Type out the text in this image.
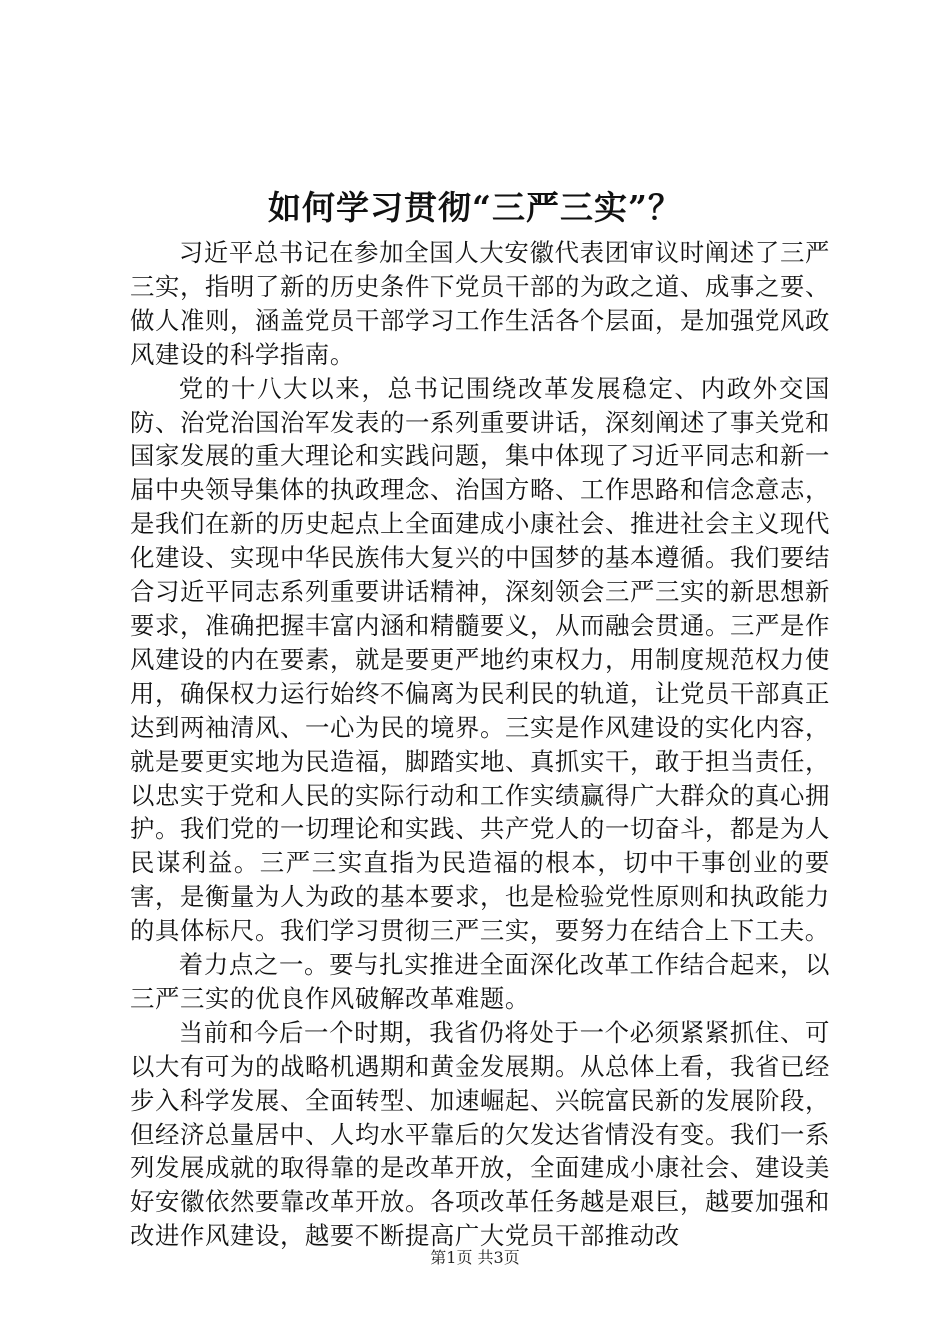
如何学习贯彻“三严三实”？

习近平总书记在参加全国人大安徽代表团审议时阐述了三严三实，指明了新的历史条件下党员干部的为政之道、成事之要、做人准则，涵盖党员干部学习工作生活各个层面，是加强党风政风建设的科学指南。

党的十八大以来，总书记围绕改革发展稳定、内政外交国防、治党治国治军发表的一系列重要讲话，深刻阐述了事关党和国家发展的重大理论和实践问题，集中体现了习近平同志和新一届中央领导集体的执政理念、治国方略、工作思路和信念意志，是我们在新的历史起点上全面建成小康社会、推进社会主义现代化建设、实现中华民族伟大复兴的中国梦的基本遵循。我们要结合习近平同志系列重要讲话精神，深刻领会三严三实的新思想新要求，准确把握丰富内涵和精髓要义，从而融会贯通。三严是作风建设的内在要素，就是要更严地约束权力，用制度规范权力使用，确保权力运行始终不偏离为民利民的轨道，让党员干部真正达到两袖清风、一心为民的境界。三实是作风建设的实化内容，就是要更实地为民造福，脚踏实地、真抓实干，敢于担当责任，以忠实于党和人民的实际行动和工作实绩赢得广大群众的真心拥护。我们党的一切理论和实践、共产党人的一切奋斗，都是为人民谋利益。三严三实直指为民造福的根本，切中干事创业的要害，是衡量为人为政的基本要求，也是检验党性原则和执政能力的具体标尺。我们学习贯彻三严三实，要努力在结合上下工夫。

着力点之一。要与扎实推进全面深化改革工作结合起来，以三严三实的优良作风破解改革难题。

当前和今后一个时期，我省仍将处于一个必须紧紧抓住、可以大有可为的战略机遇期和黄金发展期。从总体上看，我省已经步入科学发展、全面转型、加速崛起、兴皖富民新的发展阶段，但经济总量居中、人均水平靠后的欠发达省情没有变。我们一系列发展成就的取得靠的是改革开放，全面建成小康社会、建设美好安徽依然要靠改革开放。各项改革任务越是艰巨，越要加强和改进作风建设，越要不断提高广大党员干部推动改

第1页 共3页
